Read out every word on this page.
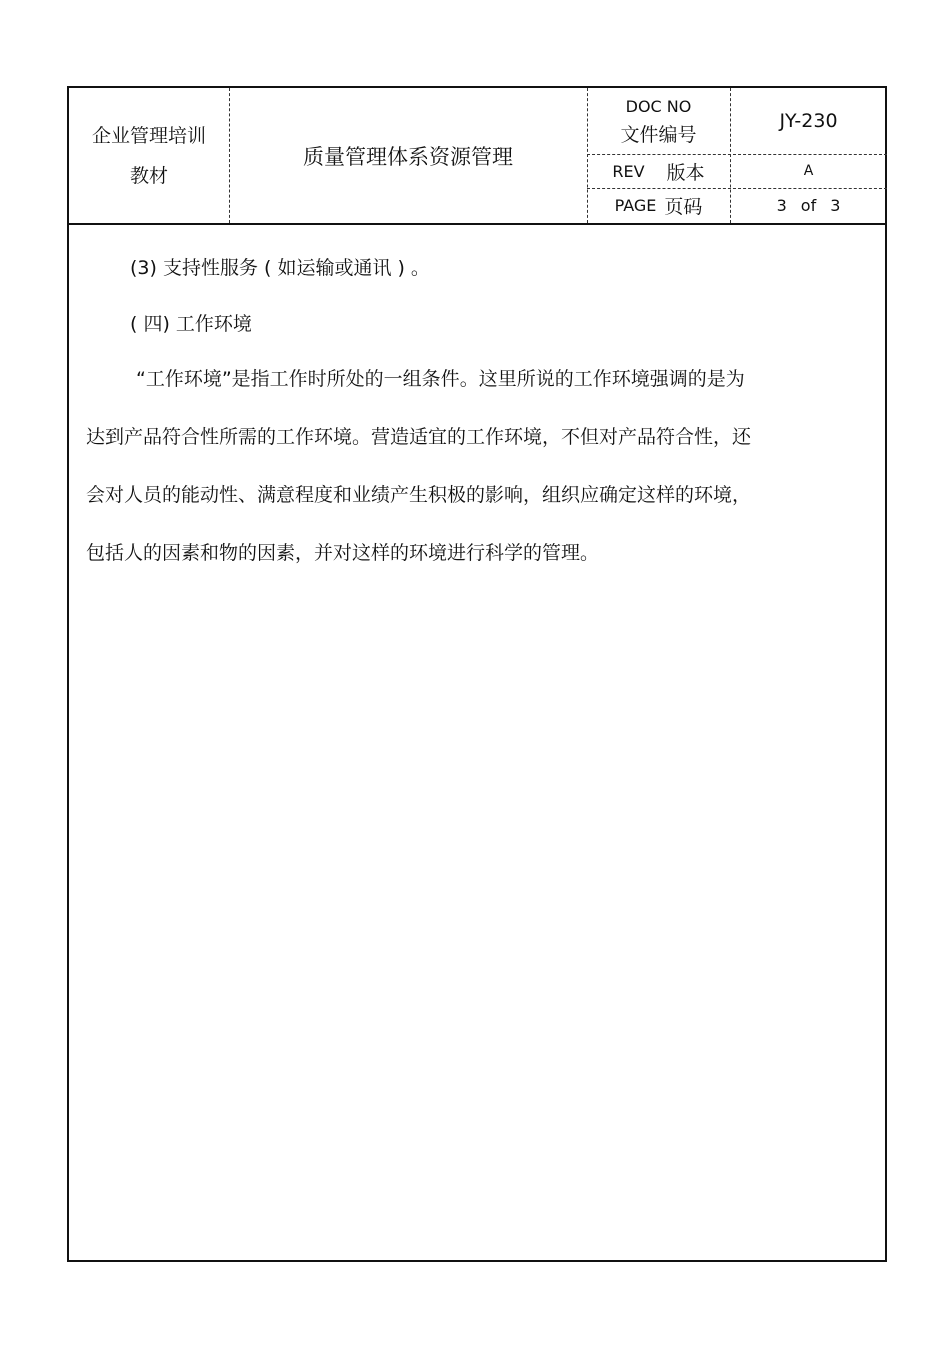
企业管理培训
教材
质量管理体系资源管理
DOC NO
文件编号
JY-230
REV 版本	A
PAGE 页码	3 of 3
(3) 支持性服务 ( 如运输或通讯 ) 。
( 四) 工作环境
“工作环境”是指工作时所处的一组条件。这里所说的工作环境强调的是为
达到产品符合性所需的工作环境。营造适宜的工作环境，不但对产品符合性，还
会对人员的能动性、满意程度和业绩产生积极的影响，组织应确定这样的环境，
包括人的因素和物的因素，并对这样的环境进行科学的管理。
